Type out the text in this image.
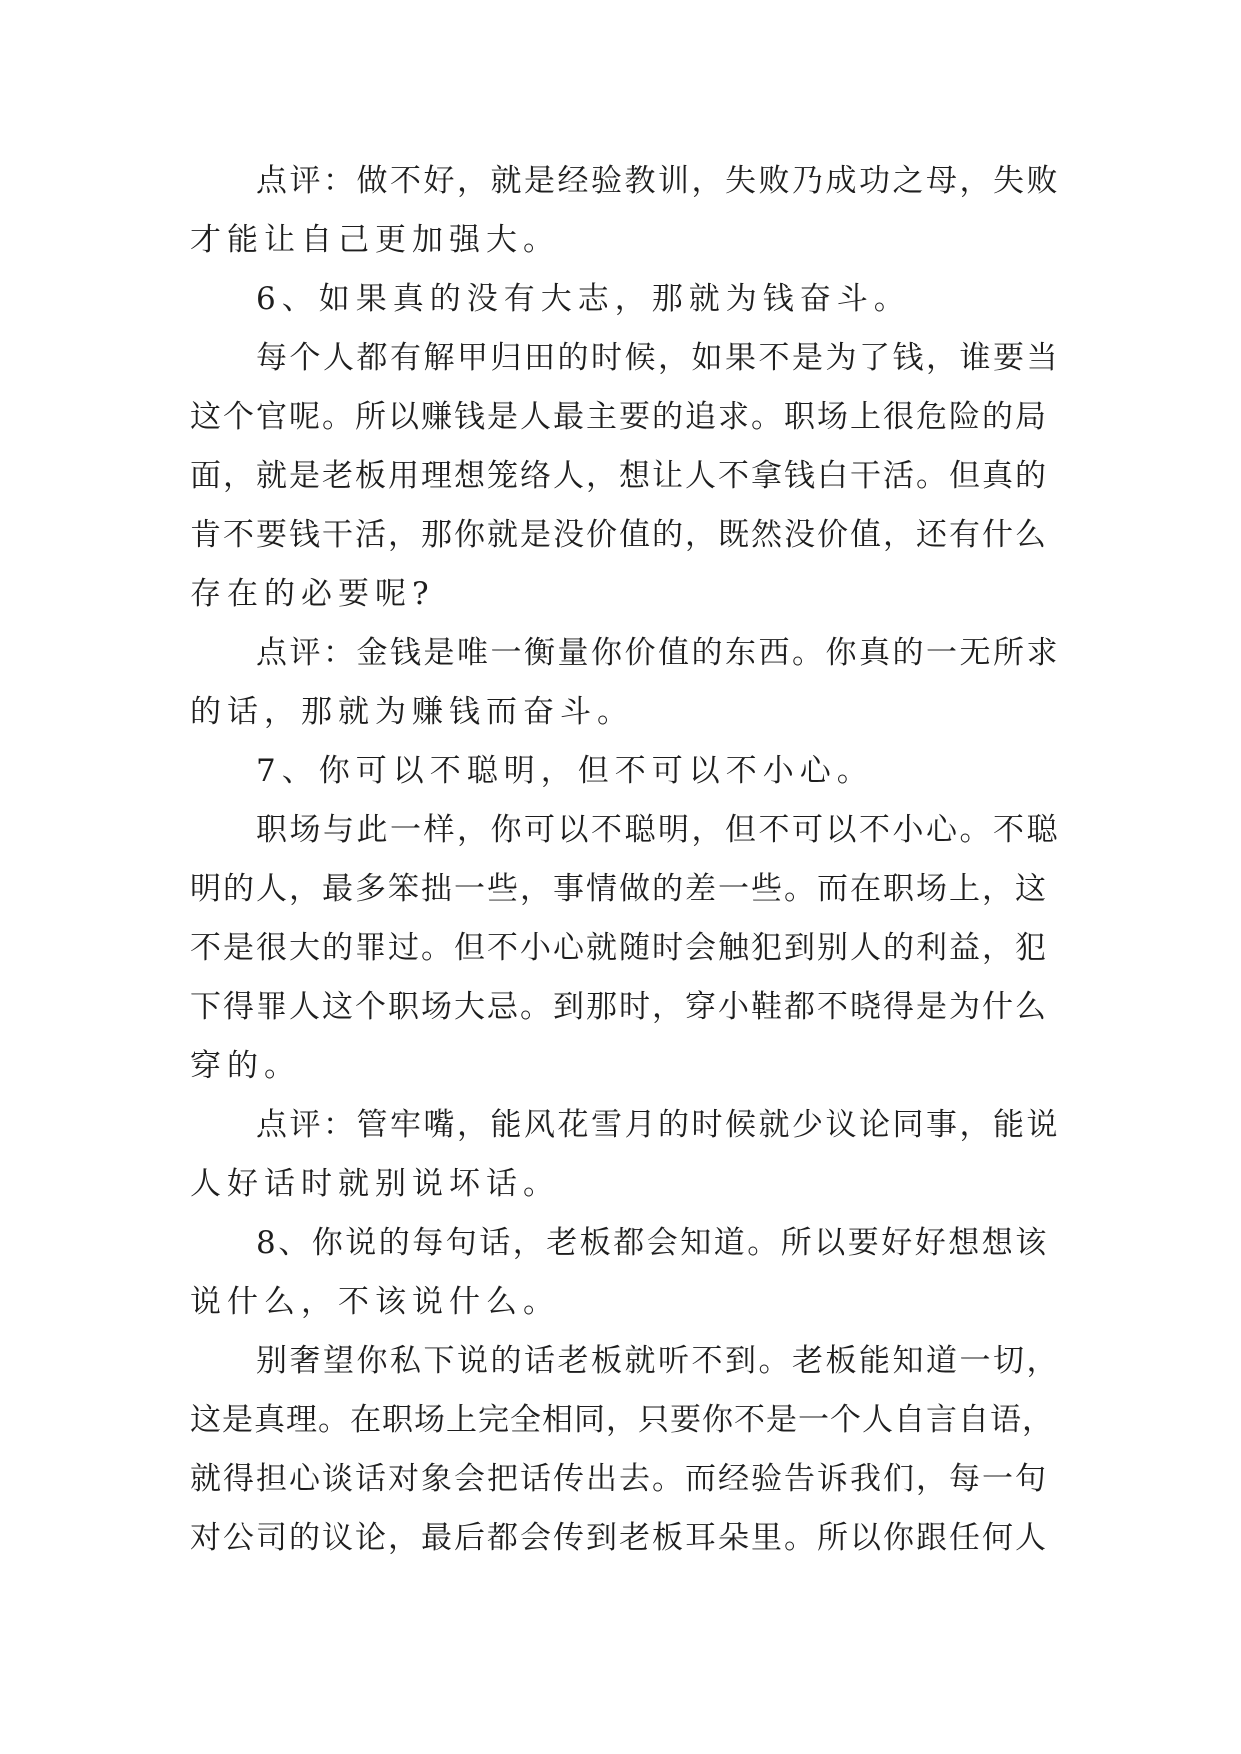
点评：做不好，就是经验教训，失败乃成功之母，失败
才能让自己更加强大。
6、如果真的没有大志，那就为钱奋斗。
每个人都有解甲归田的时候，如果不是为了钱，谁要当
这个官呢。所以赚钱是人最主要的追求。职场上很危险的局
面，就是老板用理想笼络人，想让人不拿钱白干活。但真的
肯不要钱干活，那你就是没价值的，既然没价值，还有什么
存在的必要呢?
点评：金钱是唯一衡量你价值的东西。你真的一无所求
的话，那就为赚钱而奋斗。
7、你可以不聪明，但不可以不小心。
职场与此一样，你可以不聪明，但不可以不小心。不聪
明的人，最多笨拙一些，事情做的差一些。而在职场上，这
不是很大的罪过。但不小心就随时会触犯到别人的利益，犯
下得罪人这个职场大忌。到那时，穿小鞋都不晓得是为什么
穿的。
点评：管牢嘴，能风花雪月的时候就少议论同事，能说
人好话时就别说坏话。
8、你说的每句话，老板都会知道。所以要好好想想该
说什么，不该说什么。
别奢望你私下说的话老板就听不到。老板能知道一切，
这是真理。在职场上完全相同，只要你不是一个人自言自语，
就得担心谈话对象会把话传出去。而经验告诉我们，每一句
对公司的议论，最后都会传到老板耳朵里。所以你跟任何人
